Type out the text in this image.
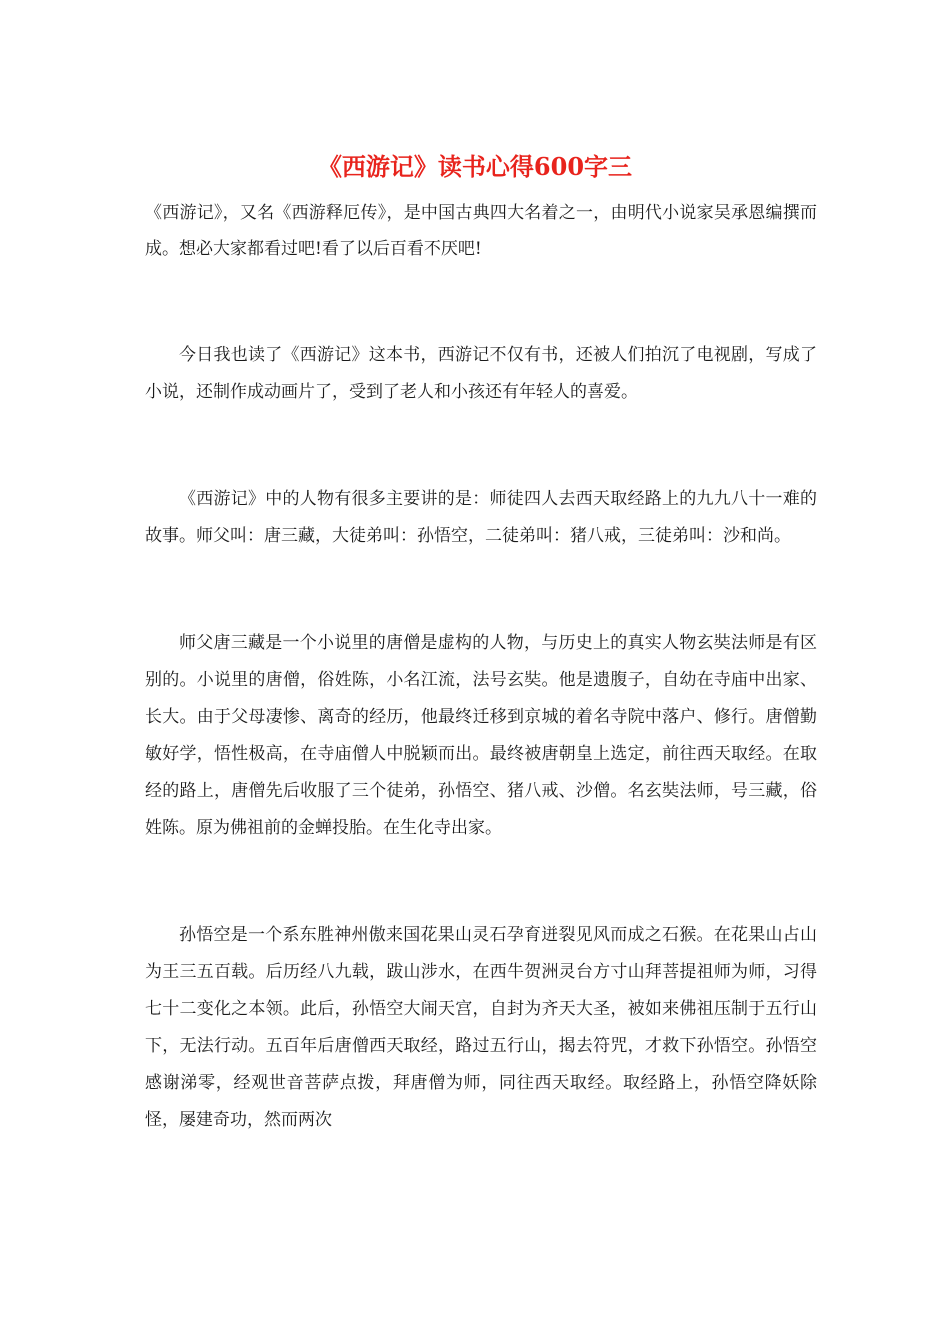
《西游记》读书心得600字三

《西游记》，又名《西游释厄传》，是中国古典四大名着之一，由明代小说家吴承恩编撰而成。想必大家都看过吧!看了以后百看不厌吧!

今日我也读了《西游记》这本书，西游记不仅有书，还被人们拍沉了电视剧，写成了小说，还制作成动画片了，受到了老人和小孩还有年轻人的喜爱。

《西游记》中的人物有很多主要讲的是：师徒四人去西天取经路上的九九八十一难的故事。师父叫：唐三藏，大徒弟叫：孙悟空，二徒弟叫：猪八戒，三徒弟叫：沙和尚。

师父唐三藏是一个小说里的唐僧是虚构的人物，与历史上的真实人物玄奘法师是有区别的。小说里的唐僧，俗姓陈，小名江流，法号玄奘。他是遗腹子，自幼在寺庙中出家、长大。由于父母凄惨、离奇的经历，他最终迁移到京城的着名寺院中落户、修行。唐僧勤敏好学，悟性极高，在寺庙僧人中脱颖而出。最终被唐朝皇上选定，前往西天取经。在取经的路上，唐僧先后收服了三个徒弟，孙悟空、猪八戒、沙僧。名玄奘法师，号三藏，俗姓陈。原为佛祖前的金蝉投胎。在生化寺出家。

孙悟空是一个系东胜神州傲来国花果山灵石孕育迸裂见风而成之石猴。在花果山占山为王三五百载。后历经八九载，跋山涉水，在西牛贺洲灵台方寸山拜菩提祖师为师，习得七十二变化之本领。此后，孙悟空大闹天宫，自封为齐天大圣，被如来佛祖压制于五行山下，无法行动。五百年后唐僧西天取经，路过五行山，揭去符咒，才救下孙悟空。孙悟空感谢涕零，经观世音菩萨点拨，拜唐僧为师，同往西天取经。取经路上，孙悟空降妖除怪，屡建奇功，然而两次
